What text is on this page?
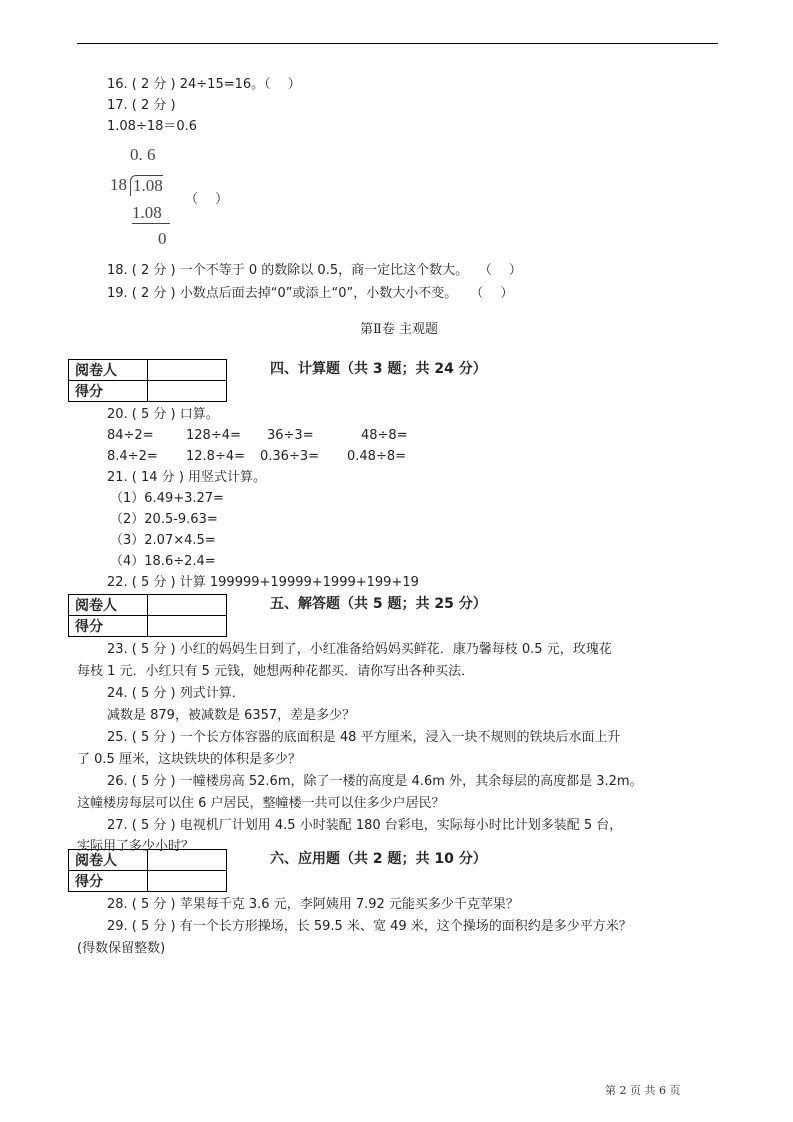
16. ( 2 分 ) 24÷15=16。（　 ）
17. ( 2 分 )
1.08÷18＝0.6
0. 6
18 1.08
1.08
0
（　 ）
18. ( 2 分 ) 一个不等于 0 的数除以 0.5，商一定比这个数大。　 （　 ）
19. ( 2 分 ) 小数点后面去掉“0”或添上“0”，小数大小不变。　　（　 ）
第Ⅱ卷 主观题
阅卷人	
得分	
四、计算题（共 3 题；共 24 分）
20. ( 5 分 ) 口算。
84÷2= 128÷4= 36÷3=	48÷8=
8.4÷2= 12.8÷4= 0.36÷3= 0.48÷8=
21. ( 14 分 ) 用竖式计算。
（1）6.49+3.27=
（2）20.5-9.63=
（3）2.07×4.5=
（4）18.6÷2.4=
22. ( 5 分 ) 计算 199999+19999+1999+199+19
阅卷人	
得分	
五、解答题（共 5 题；共 25 分）
23. ( 5 分 ) 小红的妈妈生日到了，小红准备给妈妈买鲜花．康乃馨每枝 0.5 元，玫瑰花
每枝 1 元．小红只有 5 元钱，她想两种花都买．请你写出各种买法．
24. ( 5 分 ) 列式计算．
减数是 879，被减数是 6357，差是多少？
25. ( 5 分 ) 一个长方体容器的底面积是 48 平方厘米，浸入一块不规则的铁块后水面上升
了 0.5 厘米，这块铁块的体积是多少？
26. ( 5 分 ) 一幢楼房高 52.6m，除了一楼的高度是 4.6m 外，其余每层的高度都是 3.2m。
这幢楼房每层可以住 6 户居民，整幢楼一共可以住多少户居民？
27. ( 5 分 ) 电视机厂计划用 4.5 小时装配 180 台彩电，实际每小时比计划多装配 5 台，
实际用了多少小时？
阅卷人	
得分	
六、应用题（共 2 题；共 10 分）
28. ( 5 分 ) 苹果每千克 3.6 元，李阿姨用 7.92 元能买多少千克苹果？
29. ( 5 分 ) 有一个长方形操场，长 59.5 米、宽 49 米，这个操场的面积约是多少平方米？
(得数保留整数)
第 2 页 共 6 页
